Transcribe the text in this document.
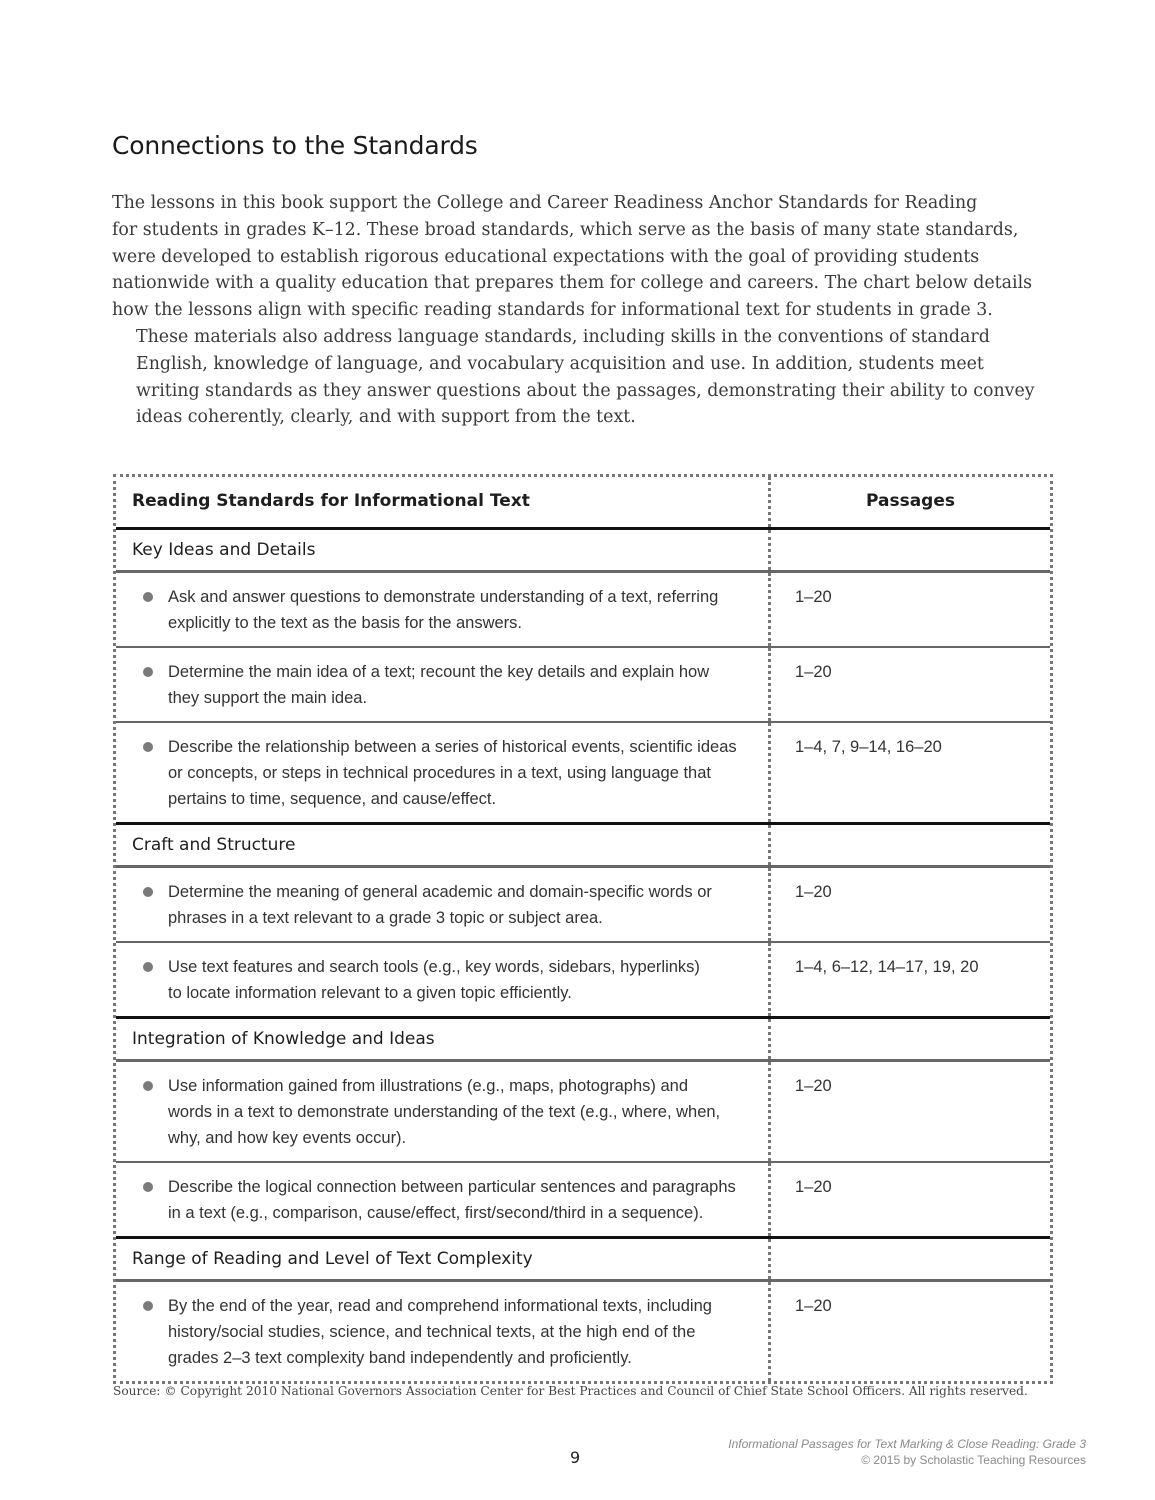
Connections to the Standards

The lessons in this book support the College and Career Readiness Anchor Standards for Reading
for students in grades K–12. These broad standards, which serve as the basis of many state standards,
were developed to establish rigorous educational expectations with the goal of providing students
nationwide with a quality education that prepares them for college and careers. The chart below details
how the lessons align with specific reading standards for informational text for students in grade 3.

These materials also address language standards, including skills in the conventions of standard
English, knowledge of language, and vocabulary acquisition and use. In addition, students meet
writing standards as they answer questions about the passages, demonstrating their ability to convey
ideas coherently, clearly, and with support from the text.

Reading Standards for Informational Text	Passages
Key Ideas and Details
Ask and answer questions to demonstrate understanding of a text, referring
explicitly to the text as the basis for the answers.
1–20
Determine the main idea of a text; recount the key details and explain how
they support the main idea.
1–20
Describe the relationship between a series of historical events, scientific ideas
or concepts, or steps in technical procedures in a text, using language that
pertains to time, sequence, and cause/effect.
1–4, 7, 9–14, 16–20
Craft and Structure
Determine the meaning of general academic and domain-specific words or
phrases in a text relevant to a grade 3 topic or subject area.
1–20
Use text features and search tools (e.g., key words, sidebars, hyperlinks)
to locate information relevant to a given topic efficiently.
1–4, 6–12, 14–17, 19, 20
Integration of Knowledge and Ideas
Use information gained from illustrations (e.g., maps, photographs) and
words in a text to demonstrate understanding of the text (e.g., where, when,
why, and how key events occur).
1–20
Describe the logical connection between particular sentences and paragraphs
in a text (e.g., comparison, cause/effect, first/second/third in a sequence).
1–20
Range of Reading and Level of Text Complexity
By the end of the year, read and comprehend informational texts, including
history/social studies, science, and technical texts, at the high end of the
grades 2–3 text complexity band independently and proficiently.
1–20
Source: © Copyright 2010 National Governors Association Center for Best Practices and Council of Chief State School Officers. All rights reserved.
9
Informational Passages for Text Marking & Close Reading: Grade 3
© 2015 by Scholastic Teaching Resources
